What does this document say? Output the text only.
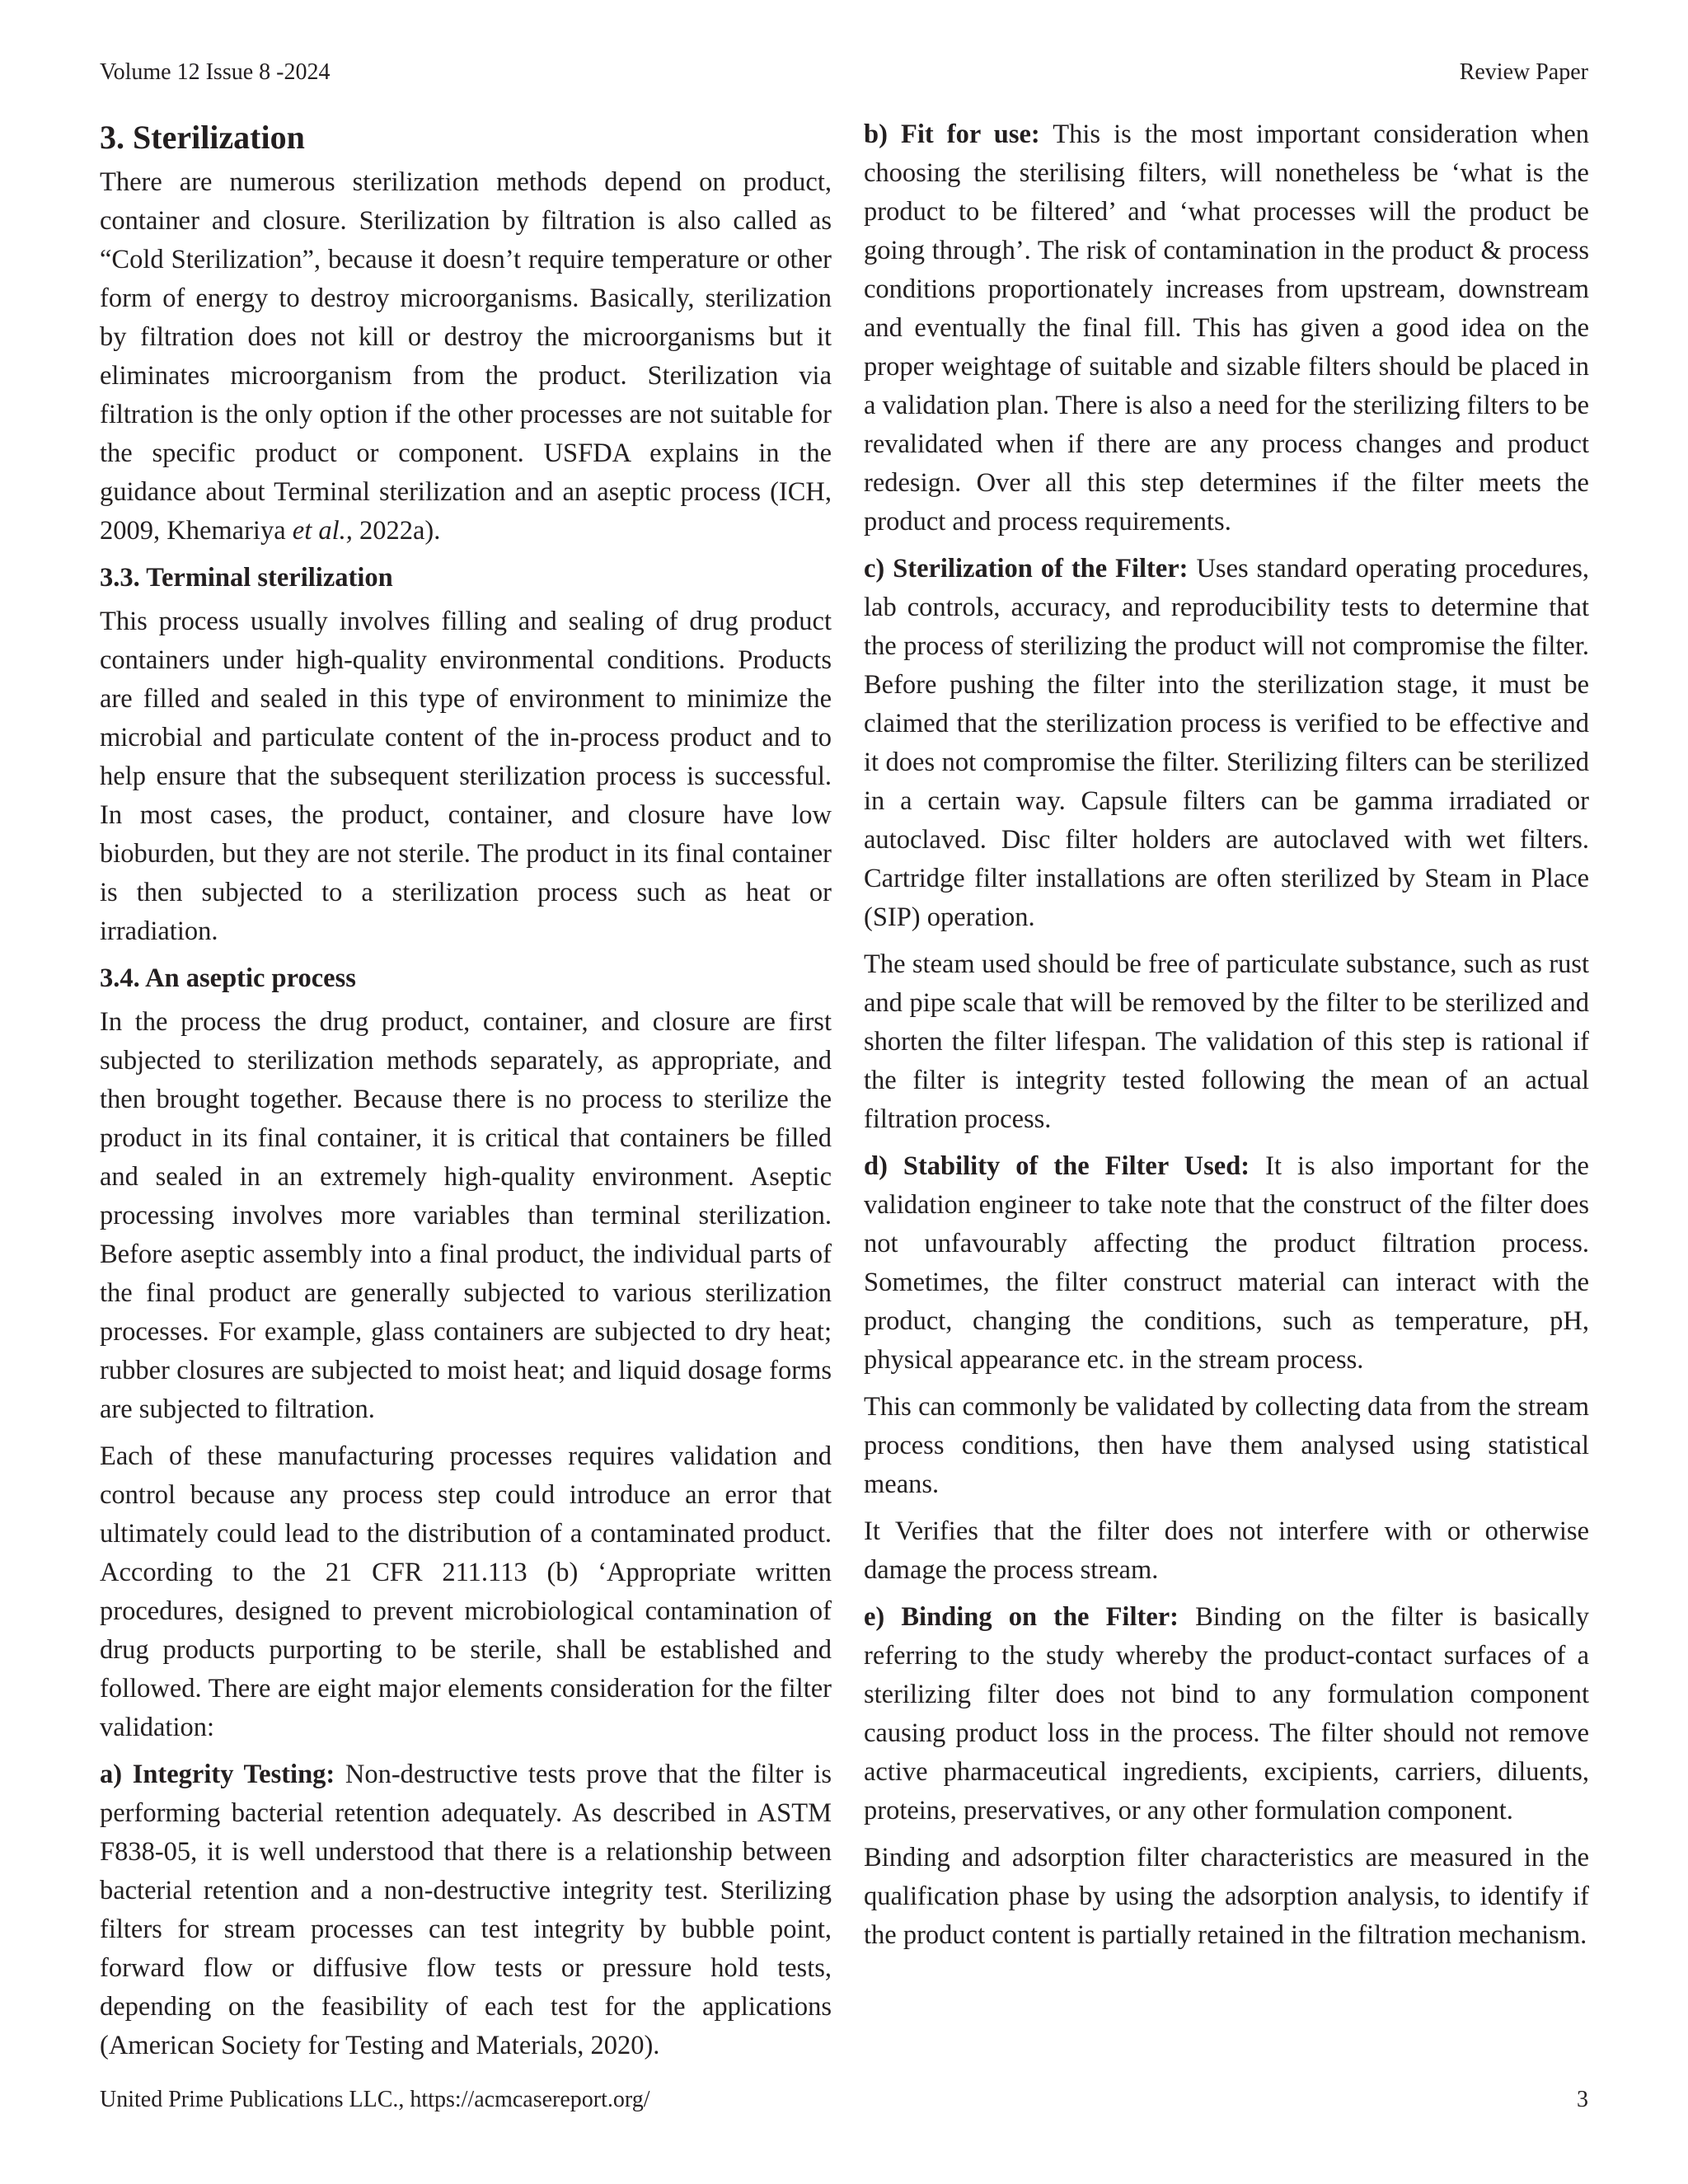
Volume 12 Issue 8 -2024	Review Paper
3. Sterilization

There are numerous sterilization methods depend on product, container and closure. Sterilization by filtration is also called as “Cold Sterilization”, because it doesn’t require temperature or other form of energy to destroy microorganisms. Basically, sterilization by filtration does not kill or destroy the microorganisms but it eliminates microorganism from the product. Sterilization via filtration is the only option if the other processes are not suitable for the specific product or component. USFDA explains in the guidance about Terminal sterilization and an aseptic process (ICH, 2009, Khemariya et al., 2022a).

3.3. Terminal sterilization

This process usually involves filling and sealing of drug product containers under high-quality environmental conditions. Products are filled and sealed in this type of environment to minimize the microbial and particulate content of the in-process product and to help ensure that the subsequent sterilization process is successful. In most cases, the product, container, and closure have low bioburden, but they are not sterile. The product in its final container is then subjected to a sterilization process such as heat or irradiation.

3.4. An aseptic process

In the process the drug product, container, and closure are first subjected to sterilization methods separately, as appropriate, and then brought together. Because there is no process to sterilize the product in its final container, it is critical that containers be filled and sealed in an extremely high-quality environment. Aseptic processing involves more variables than terminal sterilization. Before aseptic assembly into a final product, the individual parts of the final product are generally subjected to various sterilization processes. For example, glass containers are subjected to dry heat; rubber closures are subjected to moist heat; and liquid dosage forms are subjected to filtration.

Each of these manufacturing processes requires validation and control because any process step could introduce an error that ultimately could lead to the distribution of a contaminated product. According to the 21 CFR 211.113 (b) ‘Appropriate written procedures, designed to prevent microbiological contamination of drug products purporting to be sterile, shall be established and followed. There are eight major elements consideration for the filter validation:

a) Integrity Testing: Non-destructive tests prove that the filter is performing bacterial retention adequately. As described in ASTM F838-05, it is well understood that there is a relationship between bacterial retention and a non-destructive integrity test. Sterilizing filters for stream processes can test integrity by bubble point, forward flow or diffusive flow tests or pressure hold tests, depending on the feasibility of each test for the applications (American Society for Testing and Materials, 2020).

b) Fit for use: This is the most important consideration when choosing the sterilising filters, will nonetheless be ‘what is the product to be filtered’ and ‘what processes will the product be going through’. The risk of contamination in the product & process conditions proportionately increases from upstream, downstream and eventually the final fill. This has given a good idea on the proper weightage of suitable and sizable filters should be placed in a validation plan. There is also a need for the sterilizing filters to be revalidated when if there are any process changes and product redesign. Over all this step determines if the filter meets the product and process requirements.

c) Sterilization of the Filter: Uses standard operating procedures, lab controls, accuracy, and reproducibility tests to determine that the process of sterilizing the product will not compromise the filter. Before pushing the filter into the sterilization stage, it must be claimed that the sterilization process is verified to be effective and it does not compromise the filter. Sterilizing filters can be sterilized in a certain way. Capsule filters can be gamma irradiated or autoclaved. Disc filter holders are autoclaved with wet filters. Cartridge filter installations are often sterilized by Steam in Place (SIP) operation.

The steam used should be free of particulate substance, such as rust and pipe scale that will be removed by the filter to be sterilized and shorten the filter lifespan. The validation of this step is rational if the filter is integrity tested following the mean of an actual filtration process.

d) Stability of the Filter Used: It is also important for the validation engineer to take note that the construct of the filter does not unfavourably affecting the product filtration process. Sometimes, the filter construct material can interact with the product, changing the conditions, such as temperature, pH, physical appearance etc. in the stream process.

This can commonly be validated by collecting data from the stream process conditions, then have them analysed using statistical means.

It Verifies that the filter does not interfere with or otherwise damage the process stream.

e) Binding on the Filter: Binding on the filter is basically referring to the study whereby the product-contact surfaces of a sterilizing filter does not bind to any formulation component causing product loss in the process. The filter should not remove active pharmaceutical ingredients, excipients, carriers, diluents, proteins, preservatives, or any other formulation component.

Binding and adsorption filter characteristics are measured in the qualification phase by using the adsorption analysis, to identify if the product content is partially retained in the filtration mechanism.

United Prime Publications LLC., https://acmcasereport.org/	3
